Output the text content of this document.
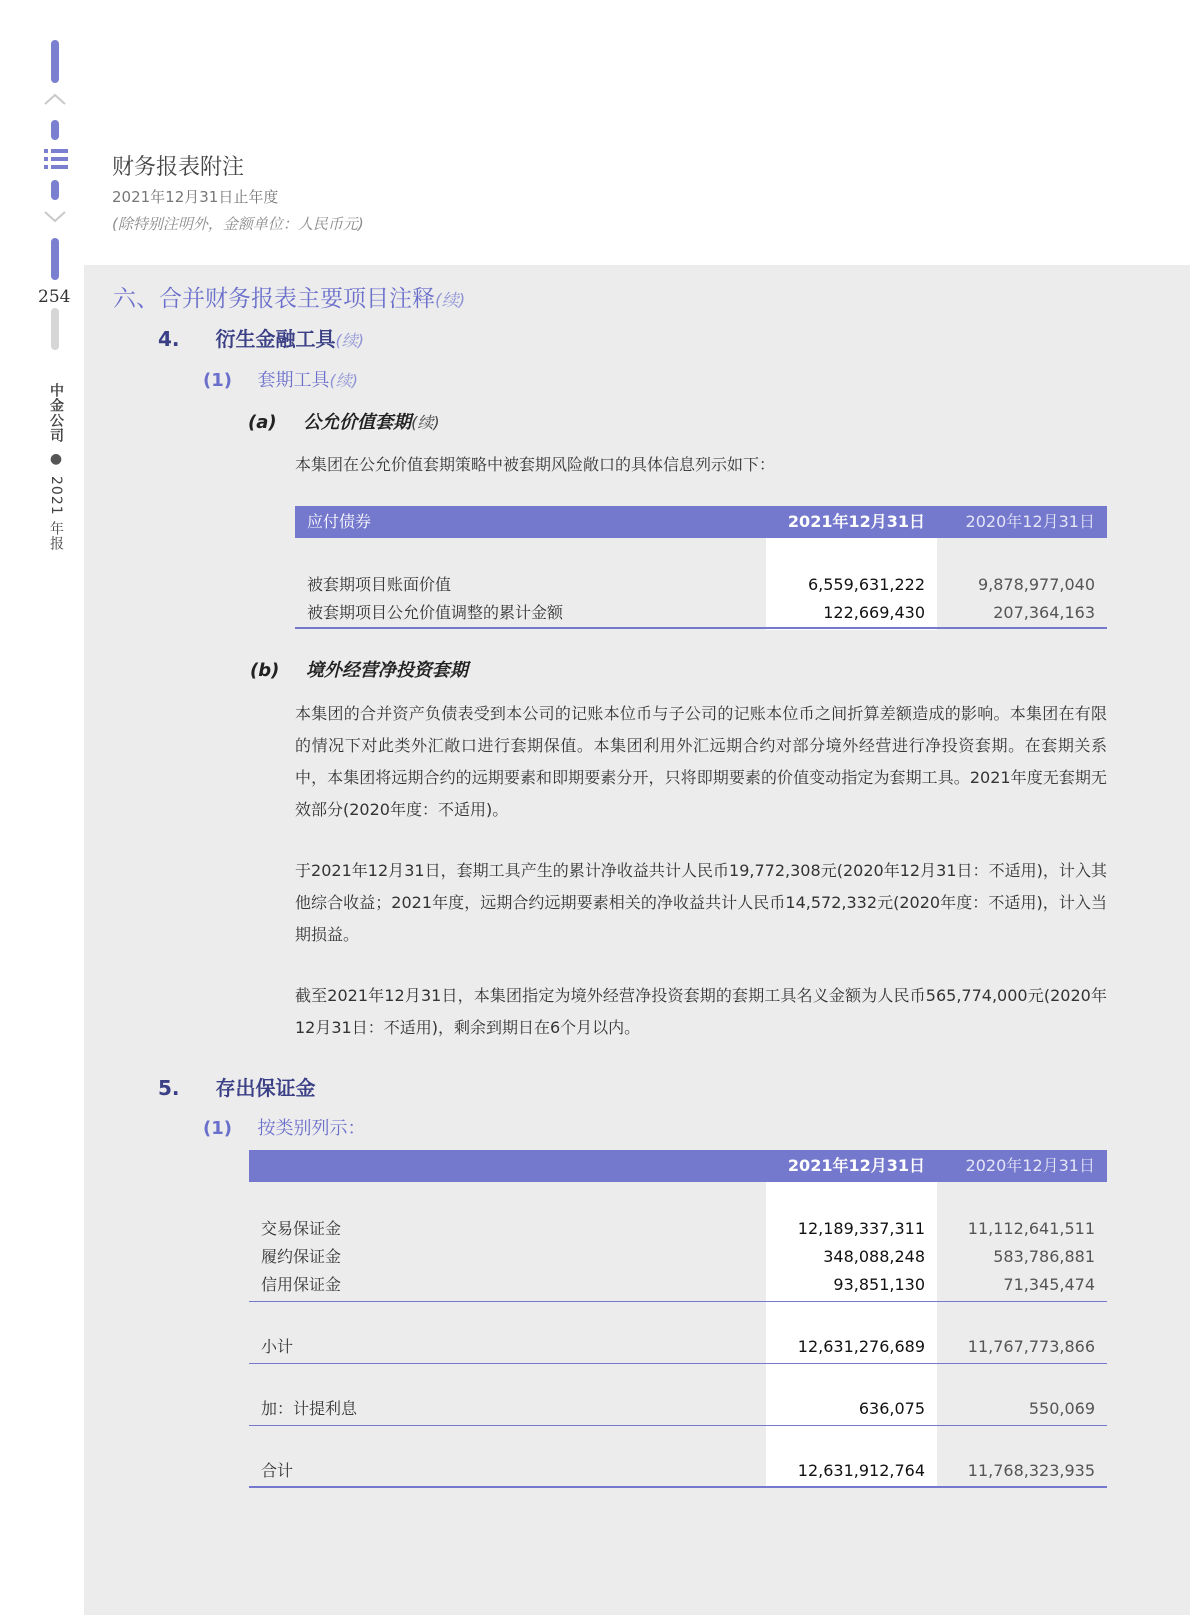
254
中金公司●2021 年报
财务报表附注
2021年12月31日止年度
(除特别注明外，金额单位：人民币元)
六、合并财务报表主要项目注释(续)
4. 衍生金融工具(续)
(1) 套期工具(续)
(a) 公允价值套期(续)
本集团在公允价值套期策略中被套期风险敞口的具体信息列示如下：
应付债券	2021年12月31日	2020年12月31日
被套期项目账面价值	6,559,631,222	9,878,977,040
被套期项目公允价值调整的累计金额	122,669,430	207,364,163
(b) 境外经营净投资套期
本集团的合并资产负债表受到本公司的记账本位币与子公司的记账本位币之间折算差额造成的影响。本集团在有限的情况下对此类外汇敞口进行套期保值。本集团利用外汇远期合约对部分境外经营进行净投资套期。在套期关系中，本集团将远期合约的远期要素和即期要素分开，只将即期要素的价值变动指定为套期工具。2021年度无套期无效部分(2020年度：不适用)。
于2021年12月31日，套期工具产生的累计净收益共计人民币19,772,308元(2020年12月31日：不适用)，计入其他综合收益；2021年度，远期合约远期要素相关的净收益共计人民币14,572,332元(2020年度：不适用)，计入当期损益。
截至2021年12月31日，本集团指定为境外经营净投资套期的套期工具名义金额为人民币565,774,000元(2020年12月31日：不适用)，剩余到期日在6个月以内。
5. 存出保证金
(1) 按类别列示：
2021年12月31日	2020年12月31日
交易保证金	12,189,337,311	11,112,641,511
履约保证金	348,088,248	583,786,881
信用保证金	93,851,130	71,345,474
小计	12,631,276,689	11,767,773,866
加：计提利息	636,075	550,069
合计	12,631,912,764	11,768,323,935
